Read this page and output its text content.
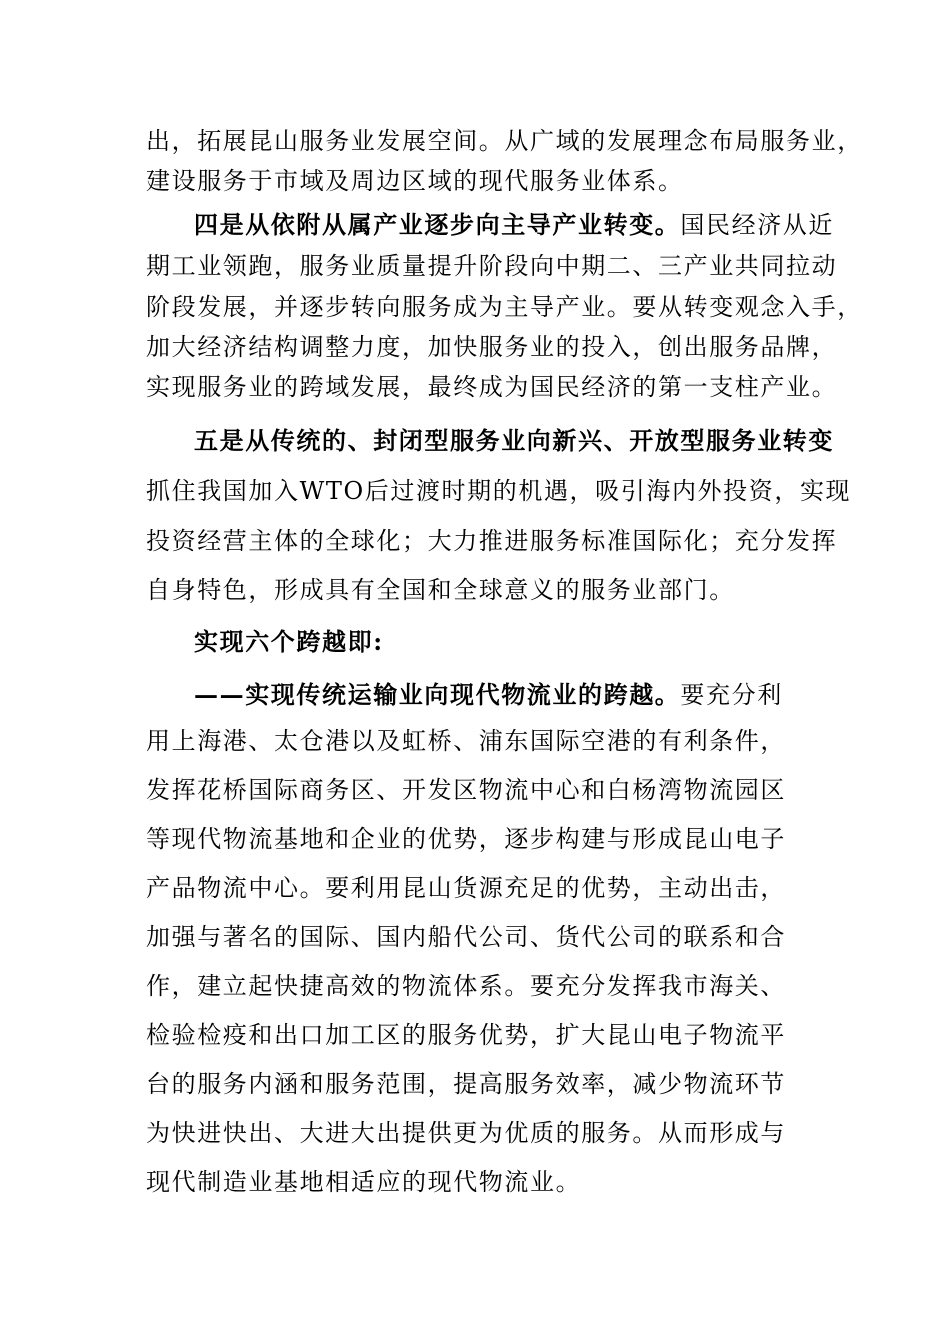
出，拓展昆山服务业发展空间。从广域的发展理念布局服务业，
建设服务于市域及周边区域的现代服务业体系。
四是从依附从属产业逐步向主导产业转变。国民经济从近
期工业领跑，服务业质量提升阶段向中期二、三产业共同拉动
阶段发展，并逐步转向服务成为主导产业。要从转变观念入手，
加大经济结构调整力度，加快服务业的投入，创出服务品牌，
实现服务业的跨域发展，最终成为国民经济的第一支柱产业。
五是从传统的、封闭型服务业向新兴、开放型服务业转变
抓住我国加入WTO后过渡时期的机遇，吸引海内外投资，实现
投资经营主体的全球化；大力推进服务标准国际化；充分发挥
自身特色，形成具有全国和全球意义的服务业部门。
实现六个跨越即:
——实现传统运输业向现代物流业的跨越。要充分利
用上海港、太仓港以及虹桥、浦东国际空港的有利条件，
发挥花桥国际商务区、开发区物流中心和白杨湾物流园区
等现代物流基地和企业的优势，逐步构建与形成昆山电子
产品物流中心。要利用昆山货源充足的优势，主动出击，
加强与著名的国际、国内船代公司、货代公司的联系和合
作，建立起快捷高效的物流体系。要充分发挥我市海关、
检验检疫和出口加工区的服务优势，扩大昆山电子物流平
台的服务内涵和服务范围，提高服务效率，减少物流环节
为快进快出、大进大出提供更为优质的服务。从而形成与
现代制造业基地相适应的现代物流业。
